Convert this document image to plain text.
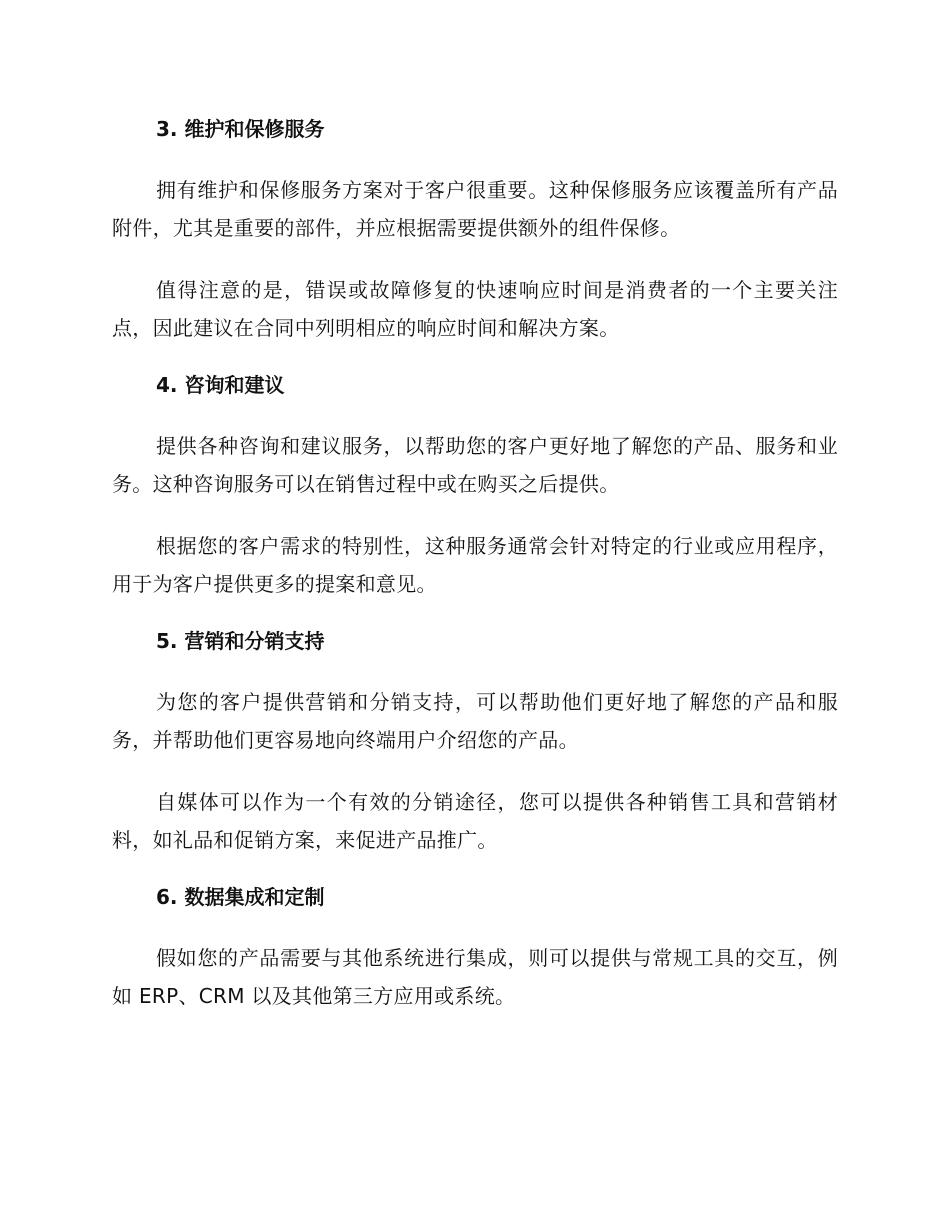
3. 维护和保修服务

拥有维护和保修服务方案对于客户很重要。这种保修服务应该覆盖所有产品附件，尤其是重要的部件，并应根据需要提供额外的组件保修。

值得注意的是，错误或故障修复的快速响应时间是消费者的一个主要关注点，因此建议在合同中列明相应的响应时间和解决方案。

4. 咨询和建议

提供各种咨询和建议服务，以帮助您的客户更好地了解您的产品、服务和业务。这种咨询服务可以在销售过程中或在购买之后提供。

根据您的客户需求的特别性，这种服务通常会针对特定的行业或应用程序，用于为客户提供更多的提案和意见。

5. 营销和分销支持

为您的客户提供营销和分销支持，可以帮助他们更好地了解您的产品和服务，并帮助他们更容易地向终端用户介绍您的产品。

自媒体可以作为一个有效的分销途径，您可以提供各种销售工具和营销材料，如礼品和促销方案，来促进产品推广。

6. 数据集成和定制

假如您的产品需要与其他系统进行集成，则可以提供与常规工具的交互，例如 ERP、CRM 以及其他第三方应用或系统。
